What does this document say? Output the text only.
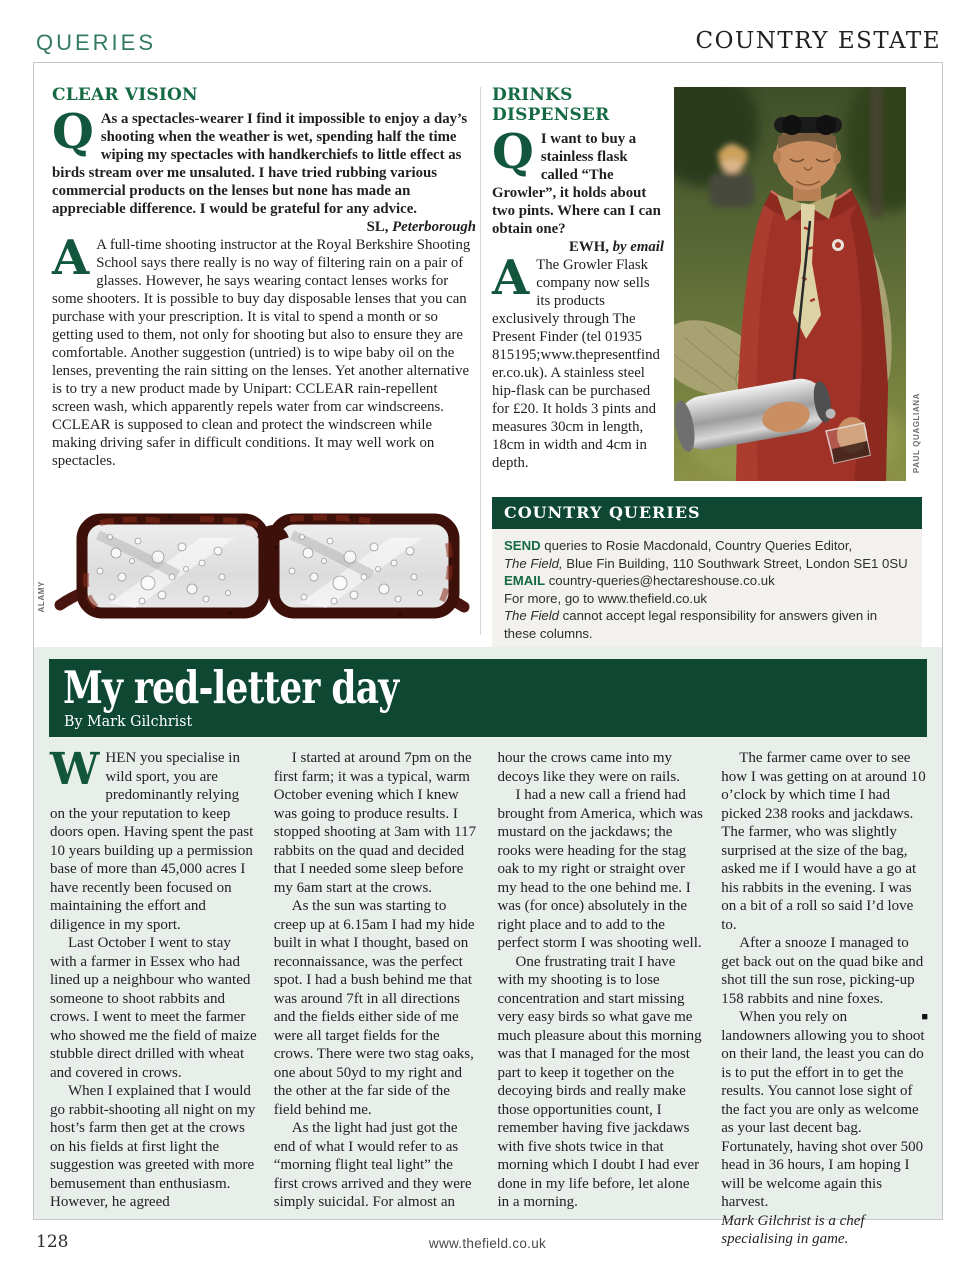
QUERIES	COUNTRY ESTATE
CLEAR VISION

Q As a spectacles-wearer I find it impossible to enjoy a day’s shooting when the weather is wet, spending half the time wiping my spectacles with handkerchiefs to little effect as birds stream over me unsaluted. I have tried rubbing various commercial products on the lenses but none has made an appreciable difference. I would be grateful for any advice.

SL, Peterborough

A A full-time shooting instructor at the Royal Berkshire Shooting School says there really is no way of filtering rain on a pair of glasses. However, he says wearing contact lenses works for some shooters. It is possible to buy day disposable lenses that you can purchase with your prescription. It is vital to spend a month or so getting used to them, not only for shooting but also to ensure they are comfortable. Another suggestion (untried) is to wipe baby oil on the lenses, preventing the rain sitting on the lenses. Yet another alternative is to try a new product made by Unipart: CCLEAR rain-repellent screen wash, which apparently repels water from car windscreens. CCLEAR is supposed to clean and protect the windscreen while making driving safer in difficult conditions. It may well work on spectacles.

DRINKS DISPENSER

Q I want to buy a stainless flask called “The Growler”, it holds about two pints. Where can I can obtain one?

EWH, by email

A The Growler Flask company now sells its products exclusively through The Present Finder (tel 01935 815195;www.thepresentfinder.co.uk). A stainless steel hip-flask can be purchased for £20. It holds 3 pints and measures 30cm in length, 18cm in width and 4cm in depth.	PAUL QUAGLIANA
ALAMY
COUNTRY QUERIES

SEND queries to Rosie Macdonald, Country Queries Editor,

The Field, Blue Fin Building, 110 Southwark Street, London SE1 0SU

EMAIL country-queries@hectareshouse.co.uk

For more, go to www.thefield.co.uk

The Field cannot accept legal responsibility for answers given in these columns.

My red-letter day
By Mark Gilchrist

W HEN you specialise in wild sport, you are predominantly relying on the your reputation to keep doors open. Having spent the past 10 years building up a permission base of more than 45,000 acres I have recently been focused on maintaining the effort and diligence in my sport.

Last October I went to stay with a farmer in Essex who had lined up a neighbour who wanted someone to shoot rabbits and crows. I went to meet the farmer who showed me the field of maize stubble direct drilled with wheat and covered in crows.

When I explained that I would go rabbit-shooting all night on my host’s farm then get at the crows on his fields at first light the suggestion was greeted with more bemusement than enthusiasm. However, he agreed

I started at around 7pm on the first farm; it was a typical, warm October evening which I knew was going to produce results. I stopped shooting at 3am with 117 rabbits on the quad and decided that I needed some sleep before my 6am start at the crows.

As the sun was starting to creep up at 6.15am I had my hide built in what I thought, based on reconnaissance, was the perfect spot. I had a bush behind me that was around 7ft in all directions and the fields either side of me were all target fields for the crows. There were two stag oaks, one about 50yd to my right and the other at the far side of the field behind me.

As the light had just got the end of what I would refer to as “morning flight teal light” the first crows arrived and they were simply suicidal. For almost an

hour the crows came into my decoys like they were on rails.

I had a new call a friend had brought from America, which was mustard on the jackdaws; the rooks were heading for the stag oak to my right or straight over my head to the one behind me. I was (for once) absolutely in the right place and to add to the perfect storm I was shooting well.

One frustrating trait I have with my shooting is to lose concentration and start missing very easy birds so what gave me much pleasure about this morning was that I managed for the most part to keep it together on the decoying birds and really make those opportunities count, I remember having five jackdaws with five shots twice in that morning which I doubt I had ever done in my life before, let alone in a morning.

The farmer came over to see how I was getting on at around 10 o’clock by which time I had picked 238 rooks and jackdaws. The farmer, who was slightly surprised at the size of the bag, asked me if I would have a go at his rabbits in the evening. I was on a bit of a roll so said I’d love to.

After a snooze I managed to get back out on the quad bike and shot till the sun rose, picking-up 158 rabbits and nine foxes.

■
When you rely on landowners allowing you to shoot on their land, the least you can do is to put the effort in to get the results. You cannot lose sight of the fact you are only as welcome as your last decent bag. Fortunately, having shot over 500 head in 36 hours, I am hoping I will be welcome again this harvest.

Mark Gilchrist is a chef specialising in game.

128	www.thefield.co.uk
